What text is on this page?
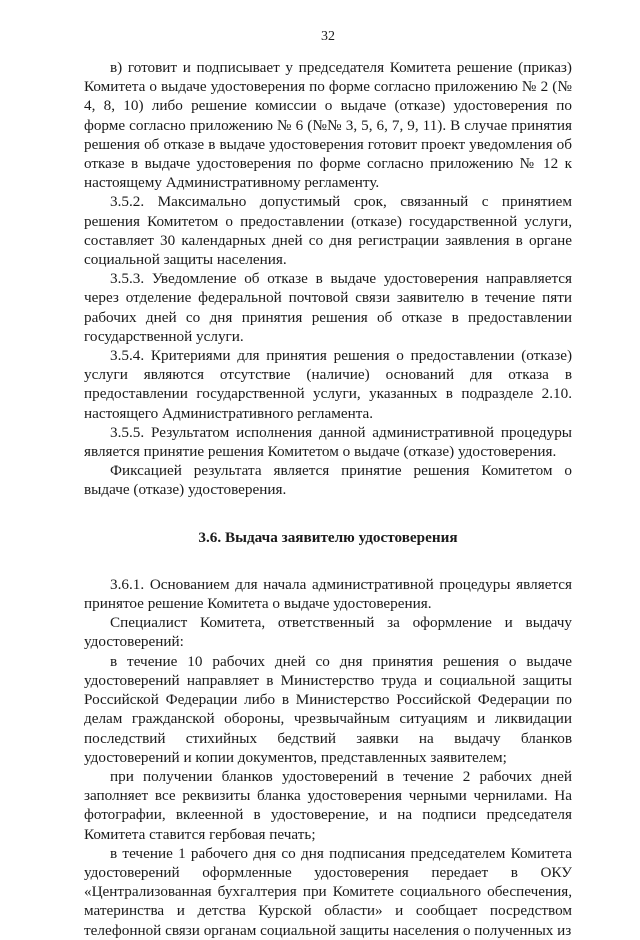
32

в) готовит и подписывает у председателя Комитета решение (приказ) Комитета о выдаче удостоверения по форме согласно приложению № 2 (№ 4, 8, 10) либо решение комиссии о выдаче (отказе) удостоверения по форме согласно приложению № 6 (№№ 3, 5, 6, 7, 9, 11). В случае принятия решения об отказе в выдаче удостоверения готовит проект уведомления об отказе в выдаче удостоверения по форме согласно приложению № 12 к настоящему Административному регламенту.

3.5.2. Максимально допустимый срок, связанный с принятием решения Комитетом о предоставлении (отказе) государственной услуги, составляет 30 календарных дней со дня регистрации заявления в органе социальной защиты населения.

3.5.3. Уведомление об отказе в выдаче удостоверения направляется через отделение федеральной почтовой связи заявителю в течение пяти рабочих дней со дня принятия решения об отказе в предоставлении государственной услуги.

3.5.4. Критериями для принятия решения о предоставлении (отказе) услуги являются отсутствие (наличие) оснований для отказа в предоставлении государственной услуги, указанных в подразделе 2.10. настоящего Административного регламента.

3.5.5. Результатом исполнения данной административной процедуры является принятие решения Комитетом о выдаче (отказе) удостоверения.

Фиксацией результата является принятие решения Комитетом о выдаче (отказе) удостоверения.

3.6. Выдача заявителю удостоверения

3.6.1. Основанием для начала административной процедуры является принятое решение Комитета о выдаче удостоверения.

Специалист Комитета, ответственный за оформление и выдачу удостоверений:

в течение 10 рабочих дней со дня принятия решения о выдаче удостоверений направляет в Министерство труда и социальной защиты Российской Федерации либо в Министерство Российской Федерации по делам гражданской обороны, чрезвычайным ситуациям и ликвидации последствий стихийных бедствий заявки на выдачу бланков удостоверений и копии документов, представленных заявителем;

при получении бланков удостоверений в течение 2 рабочих дней заполняет все реквизиты бланка удостоверения черными чернилами. На фотографии, вклеенной в удостоверение, и на подписи председателя Комитета ставится гербовая печать;

в течение 1 рабочего дня со дня подписания председателем Комитета удостоверений оформленные удостоверения передает в ОКУ «Централизованная бухгалтерия при Комитете социального обеспечения, материнства и детства Курской области» и сообщает посредством телефонной связи органам социальной защиты населения о полученных из
